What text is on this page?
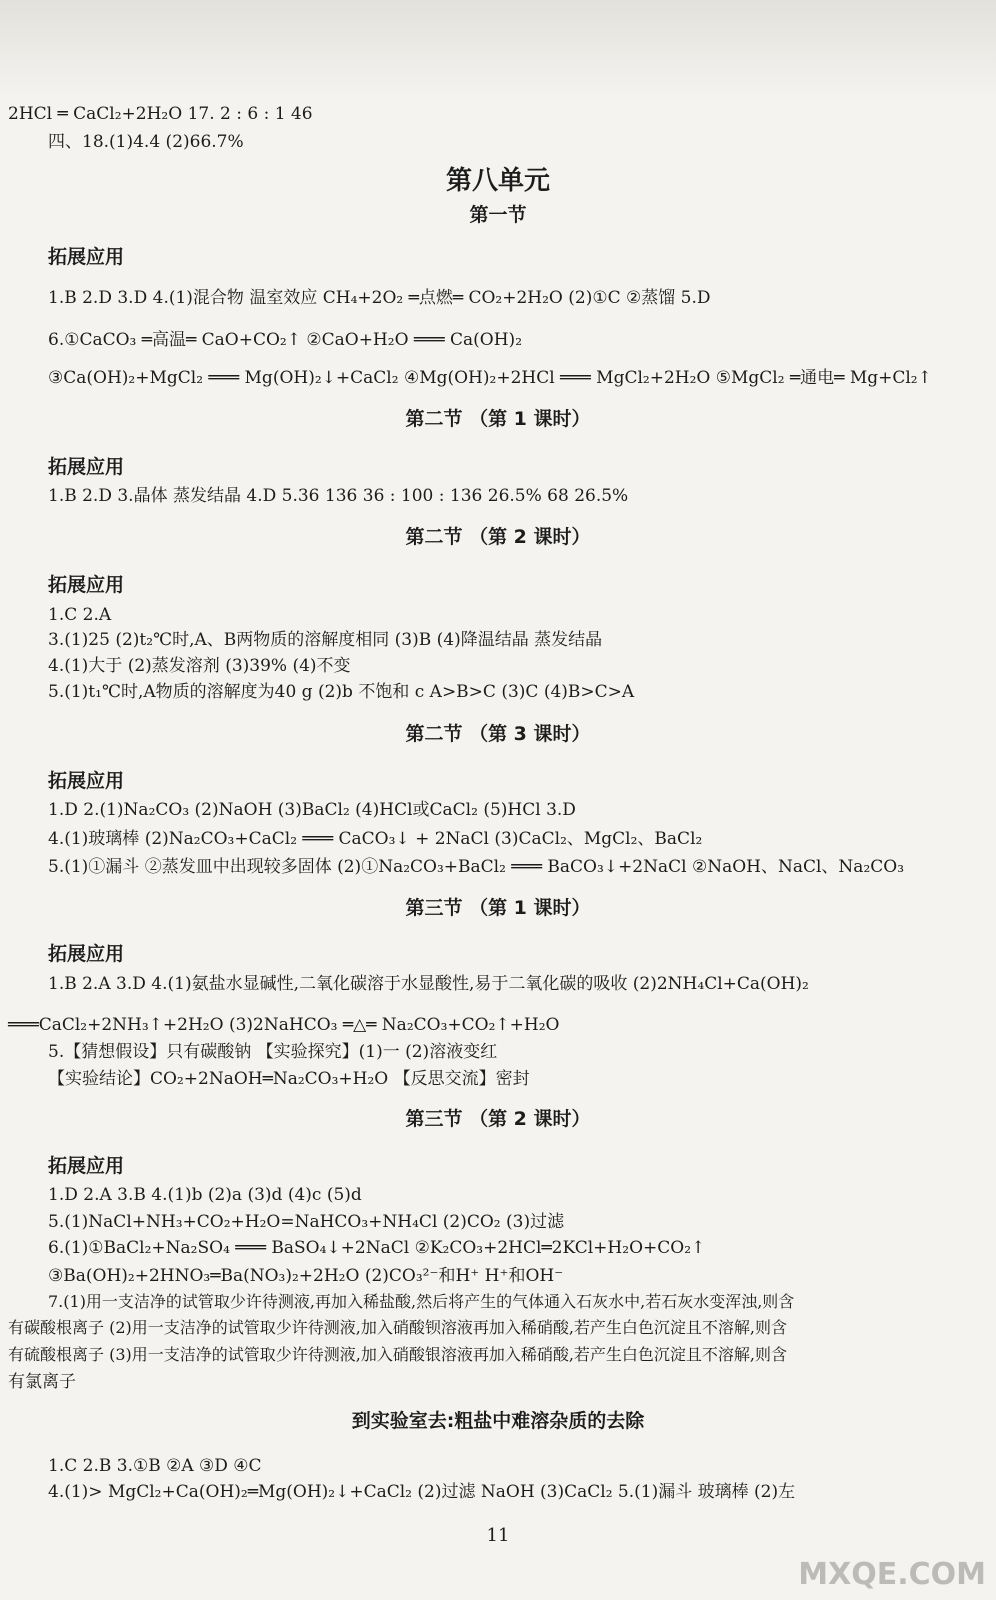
2HCl ═ CaCl₂+2H₂O 17. 2 : 6 : 1 46
四、18.(1)4.4 (2)66.7%
第八单元
第一节
拓展应用
1.B 2.D 3.D 4.(1)混合物 温室效应 CH₄+2O₂ ═点燃═ CO₂+2H₂O (2)①C ②蒸馏 5.D
6.①CaCO₃ ═高温═ CaO+CO₂↑ ②CaO+H₂O ═══ Ca(OH)₂
③Ca(OH)₂+MgCl₂ ═══ Mg(OH)₂↓+CaCl₂ ④Mg(OH)₂+2HCl ═══ MgCl₂+2H₂O ⑤MgCl₂ ═通电═ Mg+Cl₂↑
第二节 （第 1 课时）
拓展应用
1.B 2.D 3.晶体 蒸发结晶 4.D 5.36 136 36 : 100 : 136 26.5% 68 26.5%
第二节 （第 2 课时）
拓展应用
1.C 2.A
3.(1)25 (2)t₂℃时,A、B两物质的溶解度相同 (3)B (4)降温结晶 蒸发结晶
4.(1)大于 (2)蒸发溶剂 (3)39% (4)不变
5.(1)t₁℃时,A物质的溶解度为40 g (2)b 不饱和 c A>B>C (3)C (4)B>C>A
第二节 （第 3 课时）
拓展应用
1.D 2.(1)Na₂CO₃ (2)NaOH (3)BaCl₂ (4)HCl或CaCl₂ (5)HCl 3.D
4.(1)玻璃棒 (2)Na₂CO₃+CaCl₂ ═══ CaCO₃↓ + 2NaCl (3)CaCl₂、MgCl₂、BaCl₂
5.(1)①漏斗 ②蒸发皿中出现较多固体 (2)①Na₂CO₃+BaCl₂ ═══ BaCO₃↓+2NaCl ②NaOH、NaCl、Na₂CO₃
第三节 （第 1 课时）
拓展应用
1.B 2.A 3.D 4.(1)氨盐水显碱性,二氧化碳溶于水显酸性,易于二氧化碳的吸收 (2)2NH₄Cl+Ca(OH)₂
═══CaCl₂+2NH₃↑+2H₂O (3)2NaHCO₃ ═△═ Na₂CO₃+CO₂↑+H₂O
5.【猜想假设】只有碳酸钠 【实验探究】(1)一 (2)溶液变红
【实验结论】CO₂+2NaOH═Na₂CO₃+H₂O 【反思交流】密封
第三节 （第 2 课时）
拓展应用
1.D 2.A 3.B 4.(1)b (2)a (3)d (4)c (5)d
5.(1)NaCl+NH₃+CO₂+H₂O=NaHCO₃+NH₄Cl (2)CO₂ (3)过滤
6.(1)①BaCl₂+Na₂SO₄ ═══ BaSO₄↓+2NaCl ②K₂CO₃+2HCl═2KCl+H₂O+CO₂↑
③Ba(OH)₂+2HNO₃═Ba(NO₃)₂+2H₂O (2)CO₃²⁻和H⁺ H⁺和OH⁻
7.(1)用一支洁净的试管取少许待测液,再加入稀盐酸,然后将产生的气体通入石灰水中,若石灰水变浑浊,则含
有碳酸根离子 (2)用一支洁净的试管取少许待测液,加入硝酸钡溶液再加入稀硝酸,若产生白色沉淀且不溶解,则含
有硫酸根离子 (3)用一支洁净的试管取少许待测液,加入硝酸银溶液再加入稀硝酸,若产生白色沉淀且不溶解,则含
有氯离子
到实验室去:粗盐中难溶杂质的去除
1.C 2.B 3.①B ②A ③D ④C
4.(1)> MgCl₂+Ca(OH)₂═Mg(OH)₂↓+CaCl₂ (2)过滤 NaOH (3)CaCl₂ 5.(1)漏斗 玻璃棒 (2)左
11
MXQE.COM
